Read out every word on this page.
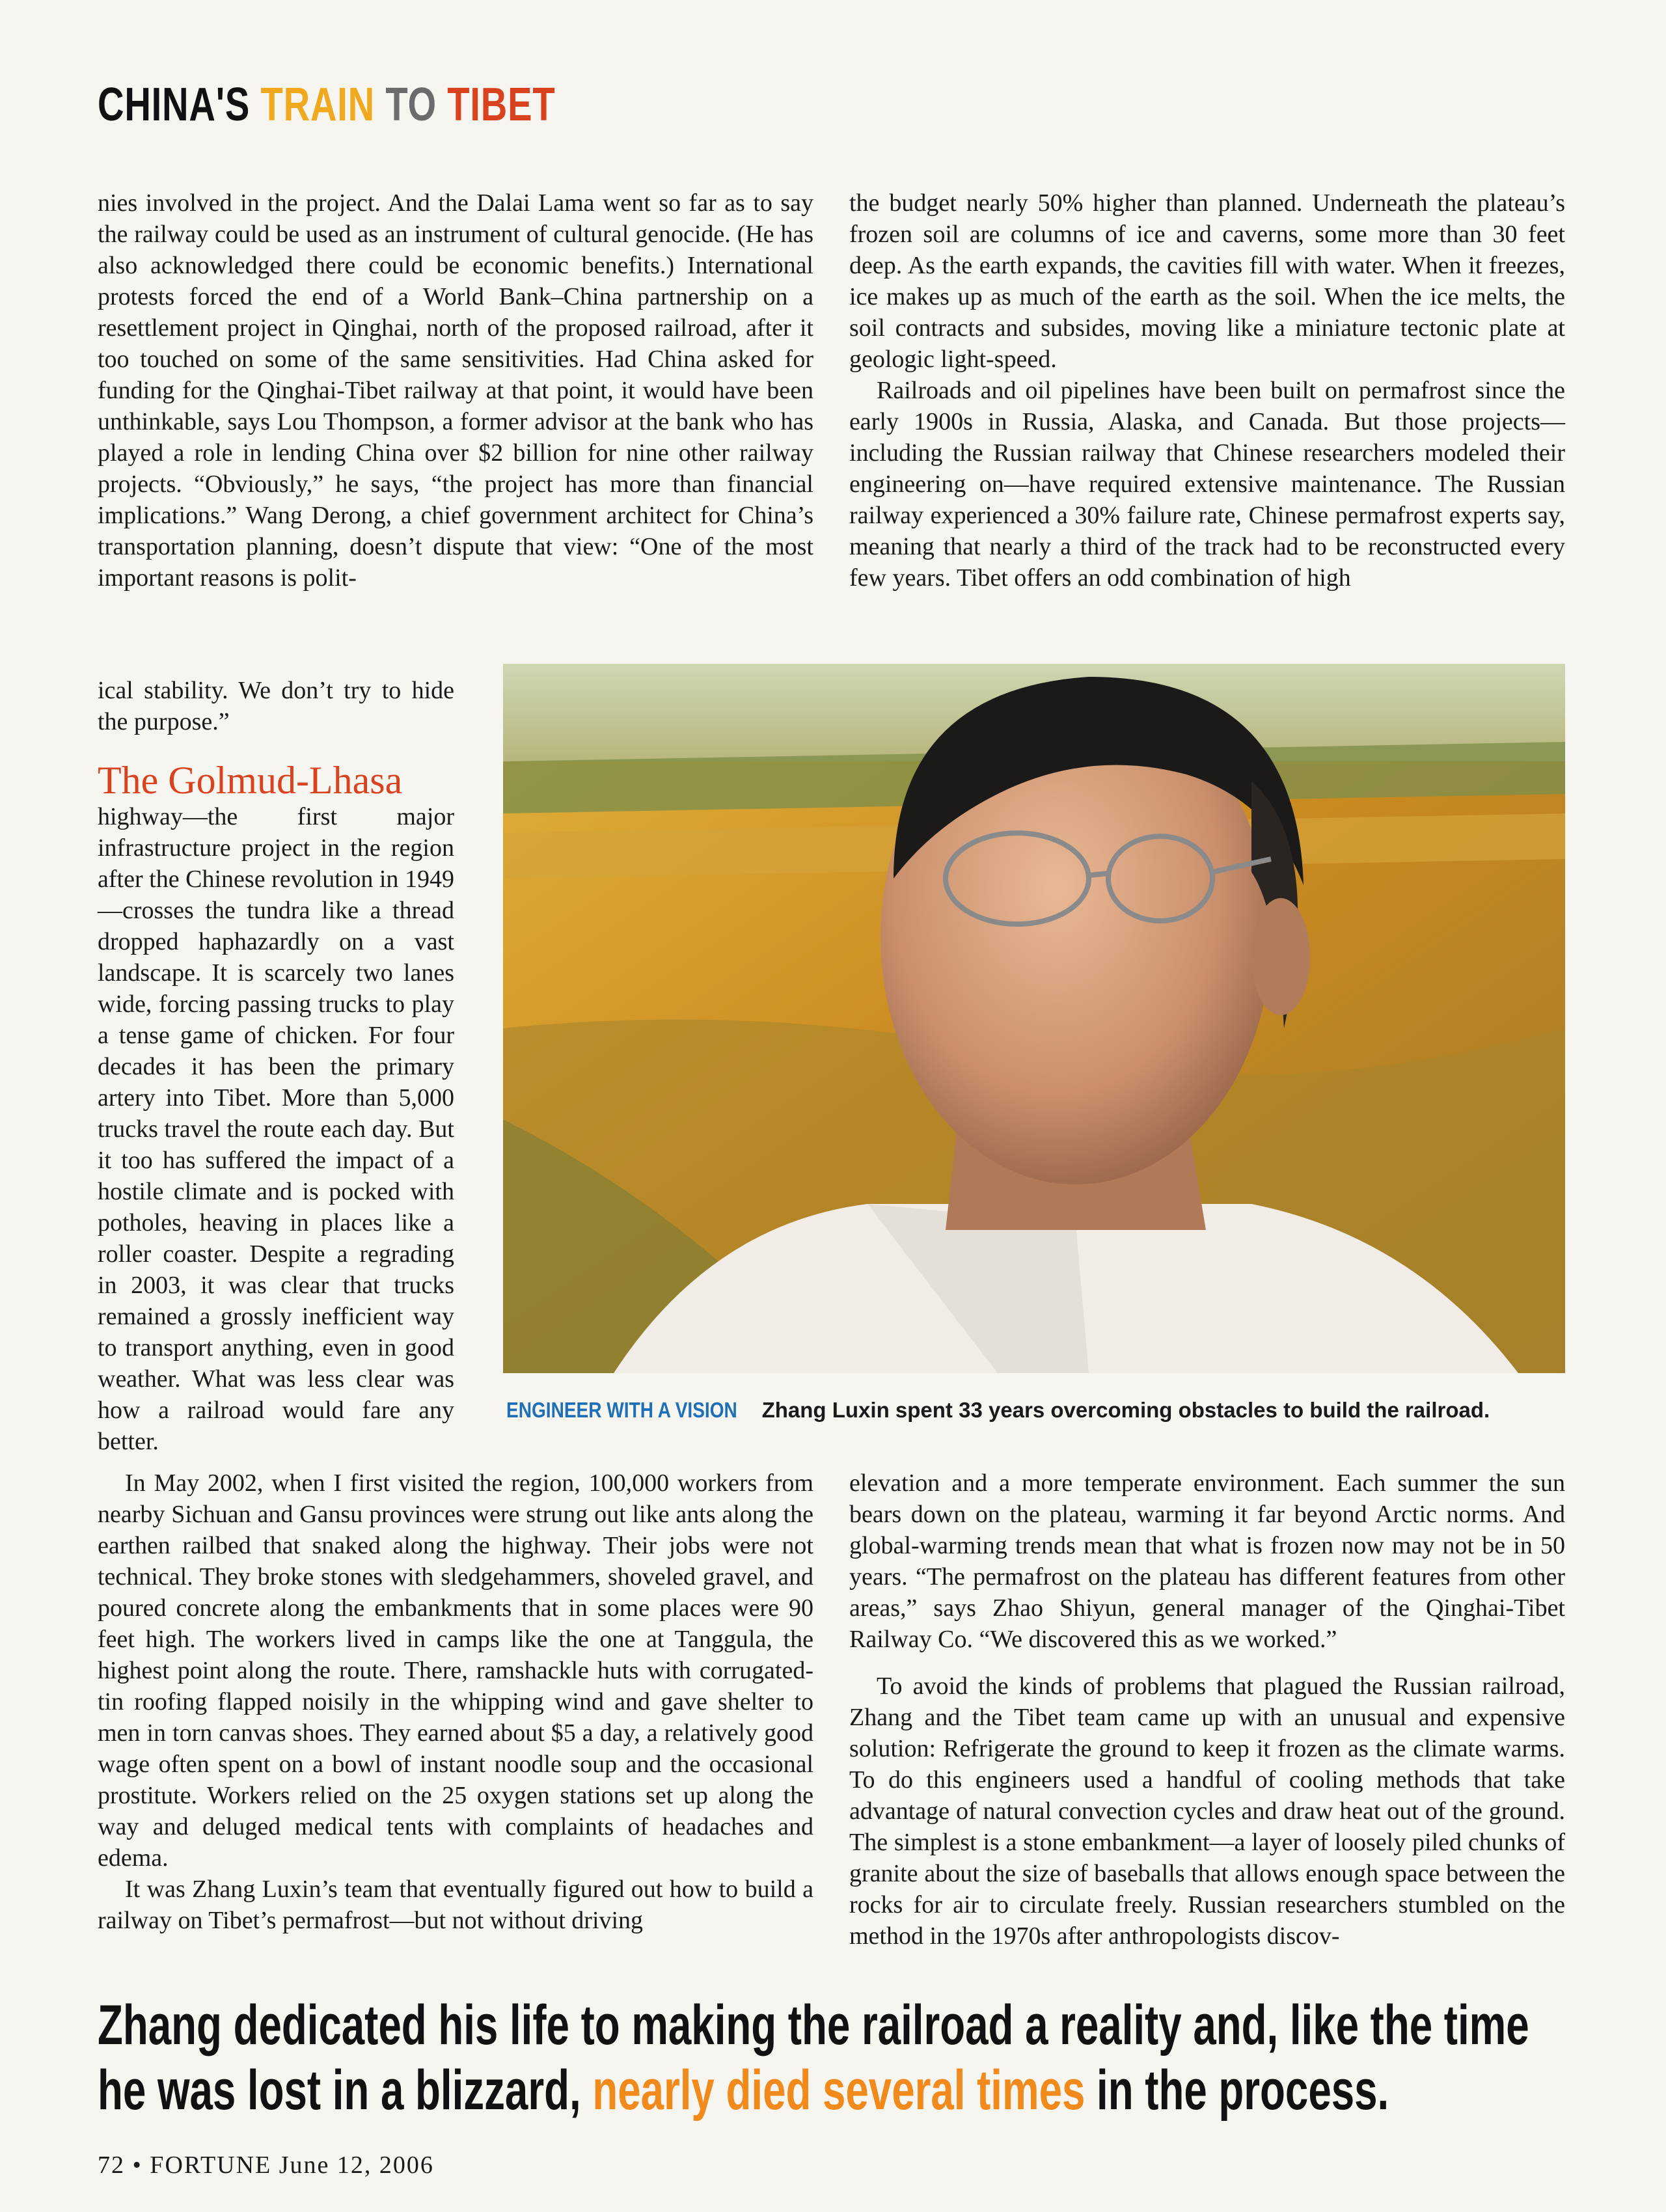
CHINA'S TRAIN TO TIBET

nies involved in the project. And the Dalai Lama went so far as to say the railway could be used as an instrument of cultural genocide. (He has also acknowledged there could be economic benefits.) International protests forced the end of a World Bank–China partnership on a resettlement project in Qinghai, north of the proposed railroad, after it too touched on some of the same sensitivities. Had China asked for funding for the Qinghai-Tibet railway at that point, it would have been unthinkable, says Lou Thompson, a former advisor at the bank who has played a role in lending China over $2 billion for nine other railway projects. “Obviously,” he says, “the project has more than financial implications.” Wang Derong, a chief government architect for China’s transportation planning, doesn’t dispute that view: “One of the most important reasons is polit-

ical stability. We don’t try to hide the purpose.”

The Golmud-Lhasa

highway—the first major infrastructure project in the region after the Chinese revolution in 1949 —crosses the tundra like a thread dropped haphazardly on a vast landscape. It is scarcely two lanes wide, forcing passing trucks to play a tense game of chicken. For four decades it has been the primary artery into Tibet. More than 5,000 trucks travel the route each day. But it too has suffered the impact of a hostile climate and is pocked with potholes, heaving in places like a roller coaster. Despite a regrading in 2003, it was clear that trucks remained a grossly inefficient way to transport anything, even in good weather. What was less clear was how a railroad would fare any better.

the budget nearly 50% higher than planned. Underneath the plateau’s frozen soil are columns of ice and caverns, some more than 30 feet deep. As the earth expands, the cavities fill with water. When it freezes, ice makes up as much of the earth as the soil. When the ice melts, the soil contracts and subsides, moving like a miniature tectonic plate at geologic light-speed.

Railroads and oil pipelines have been built on permafrost since the early 1900s in Russia, Alaska, and Canada. But those projects—including the Russian railway that Chinese researchers modeled their engineering on—have required extensive maintenance. The Russian railway experienced a 30% failure rate, Chinese permafrost experts say, meaning that nearly a third of the track had to be reconstructed every few years. Tibet offers an odd combination of high

ENGINEER WITH A VISION Zhang Luxin spent 33 years overcoming obstacles to build the railroad.

In May 2002, when I first visited the region, 100,000 workers from nearby Sichuan and Gansu provinces were strung out like ants along the earthen railbed that snaked along the highway. Their jobs were not technical. They broke stones with sledgehammers, shoveled gravel, and poured concrete along the embankments that in some places were 90 feet high. The workers lived in camps like the one at Tanggula, the highest point along the route. There, ramshackle huts with corrugated-tin roofing flapped noisily in the whipping wind and gave shelter to men in torn canvas shoes. They earned about $5 a day, a relatively good wage often spent on a bowl of instant noodle soup and the occasional prostitute. Workers relied on the 25 oxygen stations set up along the way and deluged medical tents with complaints of headaches and edema.

It was Zhang Luxin’s team that eventually figured out how to build a railway on Tibet’s permafrost—but not without driving

elevation and a more temperate environment. Each summer the sun bears down on the plateau, warming it far beyond Arctic norms. And global-warming trends mean that what is frozen now may not be in 50 years. “The permafrost on the plateau has different features from other areas,” says Zhao Shiyun, general manager of the Qinghai-Tibet Railway Co. “We discovered this as we worked.”

To avoid the kinds of problems that plagued the Russian railroad, Zhang and the Tibet team came up with an unusual and expensive solution: Refrigerate the ground to keep it frozen as the climate warms. To do this engineers used a handful of cooling methods that take advantage of natural convection cycles and draw heat out of the ground. The simplest is a stone embankment—a layer of loosely piled chunks of granite about the size of baseballs that allows enough space between the rocks for air to circulate freely. Russian researchers stumbled on the method in the 1970s after anthropologists discov-

Zhang dedicated his life to making the railroad a reality and, like the time
he was lost in a blizzard, nearly died several times in the process.
72 • FORTUNE June 12, 2006
